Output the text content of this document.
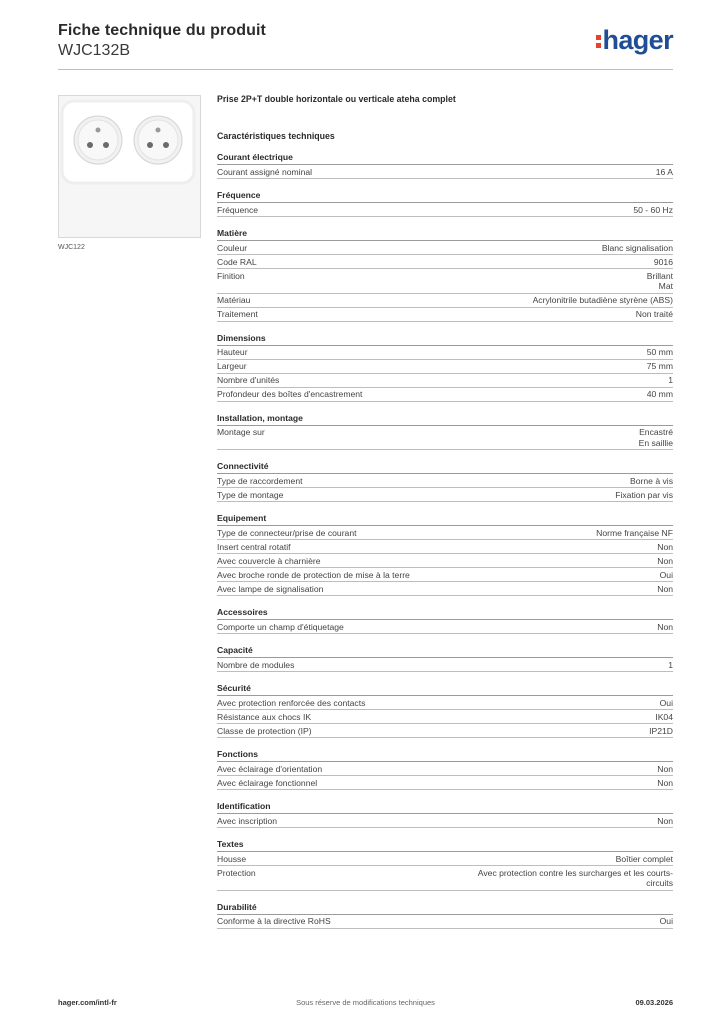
Fiche technique du produit
WJC132B	hager
WJC122
Prise 2P+T double horizontale ou verticale ateha complet
Caractéristiques techniques
Courant électrique
Courant assigné nominal	16 A
Fréquence
Fréquence	50 - 60 Hz
Matière
Couleur	Blanc signalisation
Code RAL	9016
Finition	Brillant
Mat
Matériau	Acrylonitrile butadiène styrène (ABS)
Traitement	Non traité
Dimensions
Hauteur	50 mm
Largeur	75 mm
Nombre d'unités	1
Profondeur des boîtes d'encastrement	40 mm
Installation, montage
Montage sur	Encastré
En saillie
Connectivité
Type de raccordement	Borne à vis
Type de montage	Fixation par vis
Equipement
Type de connecteur/prise de courant	Norme française NF
Insert central rotatif	Non
Avec couvercle à charnière	Non
Avec broche ronde de protection de mise à la terre	Oui
Avec lampe de signalisation	Non
Accessoires
Comporte un champ d'étiquetage	Non
Capacité
Nombre de modules	1
Sécurité
Avec protection renforcée des contacts	Oui
Résistance aux chocs IK	IK04
Classe de protection (IP)	IP21D
Fonctions
Avec éclairage d'orientation	Non
Avec éclairage fonctionnel	Non
Identification
Avec inscription	Non
Textes
Housse	Boîtier complet
Protection	Avec protection contre les surcharges et les courts-
circuits
Durabilité
Conforme à la directive RoHS	Oui
hager.com/intl-fr	Sous réserve de modifications techniques	09.03.2026
